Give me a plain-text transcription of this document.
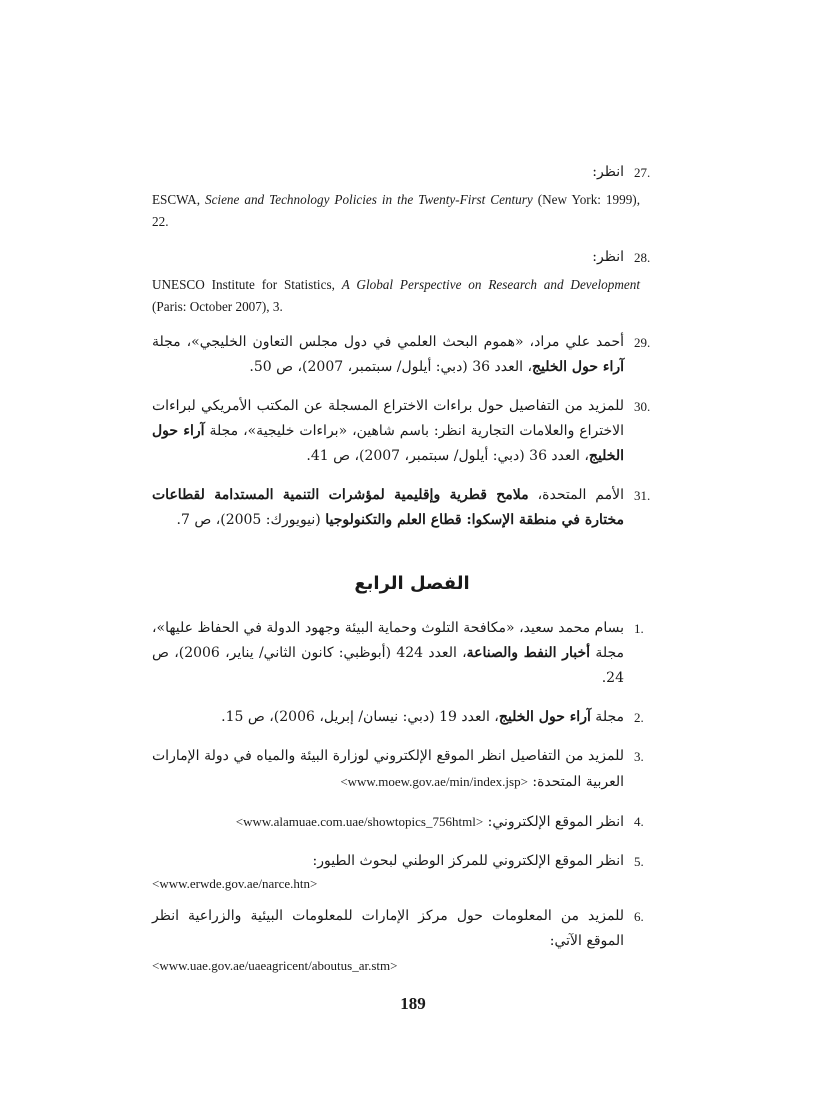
27.
انظر:
ESCWA, Sciene and Technology Policies in the Twenty-First Century (New York: 1999), 22.
28.
انظر:
UNESCO Institute for Statistics, A Global Perspective on Research and Development (Paris: October 2007), 3.
29.
أحمد علي مراد، «هموم البحث العلمي في دول مجلس التعاون الخليجي»، مجلة آراء حول الخليج، العدد 36 (دبي: أيلول/ سبتمبر، 2007)، ص 50.
30.
للمزيد من التفاصيل حول براءات الاختراع المسجلة عن المكتب الأمريكي لبراءات الاختراع والعلامات التجارية انظر: باسم شاهين، «براءات خليجية»، مجلة آراء حول الخليج، العدد 36 (دبي: أيلول/ سبتمبر، 2007)، ص 41.
31.
الأمم المتحدة، ملامح قطرية وإقليمية لمؤشرات التنمية المستدامة لقطاعات مختارة في منطقة الإسكوا: قطاع العلم والتكنولوجيا (نيويورك: 2005)، ص 7.
الفصل الرابع
1.
بسام محمد سعيد، «مكافحة التلوث وحماية البيئة وجهود الدولة في الحفاظ عليها»، مجلة أخبار النفط والصناعة، العدد 424 (أبوظبي: كانون الثاني/ يناير، 2006)، ص 24.
2.
مجلة آراء حول الخليج، العدد 19 (دبي: نيسان/ إبريل، 2006)، ص 15.
3.
للمزيد من التفاصيل انظر الموقع الإلكتروني لوزارة البيئة والمياه في دولة الإمارات العربية المتحدة: <www.moew.gov.ae/min/index.jsp>
4.
انظر الموقع الإلكتروني: <www.alamuae.com.uae/showtopics_756html>
5.
انظر الموقع الإلكتروني للمركز الوطني لبحوث الطيور:
<www.erwde.gov.ae/narce.htn>
6.
للمزيد من المعلومات حول مركز الإمارات للمعلومات البيئية والزراعية انظر الموقع الآتي:
<www.uae.gov.ae/uaeagricent/aboutus_ar.stm>
189
